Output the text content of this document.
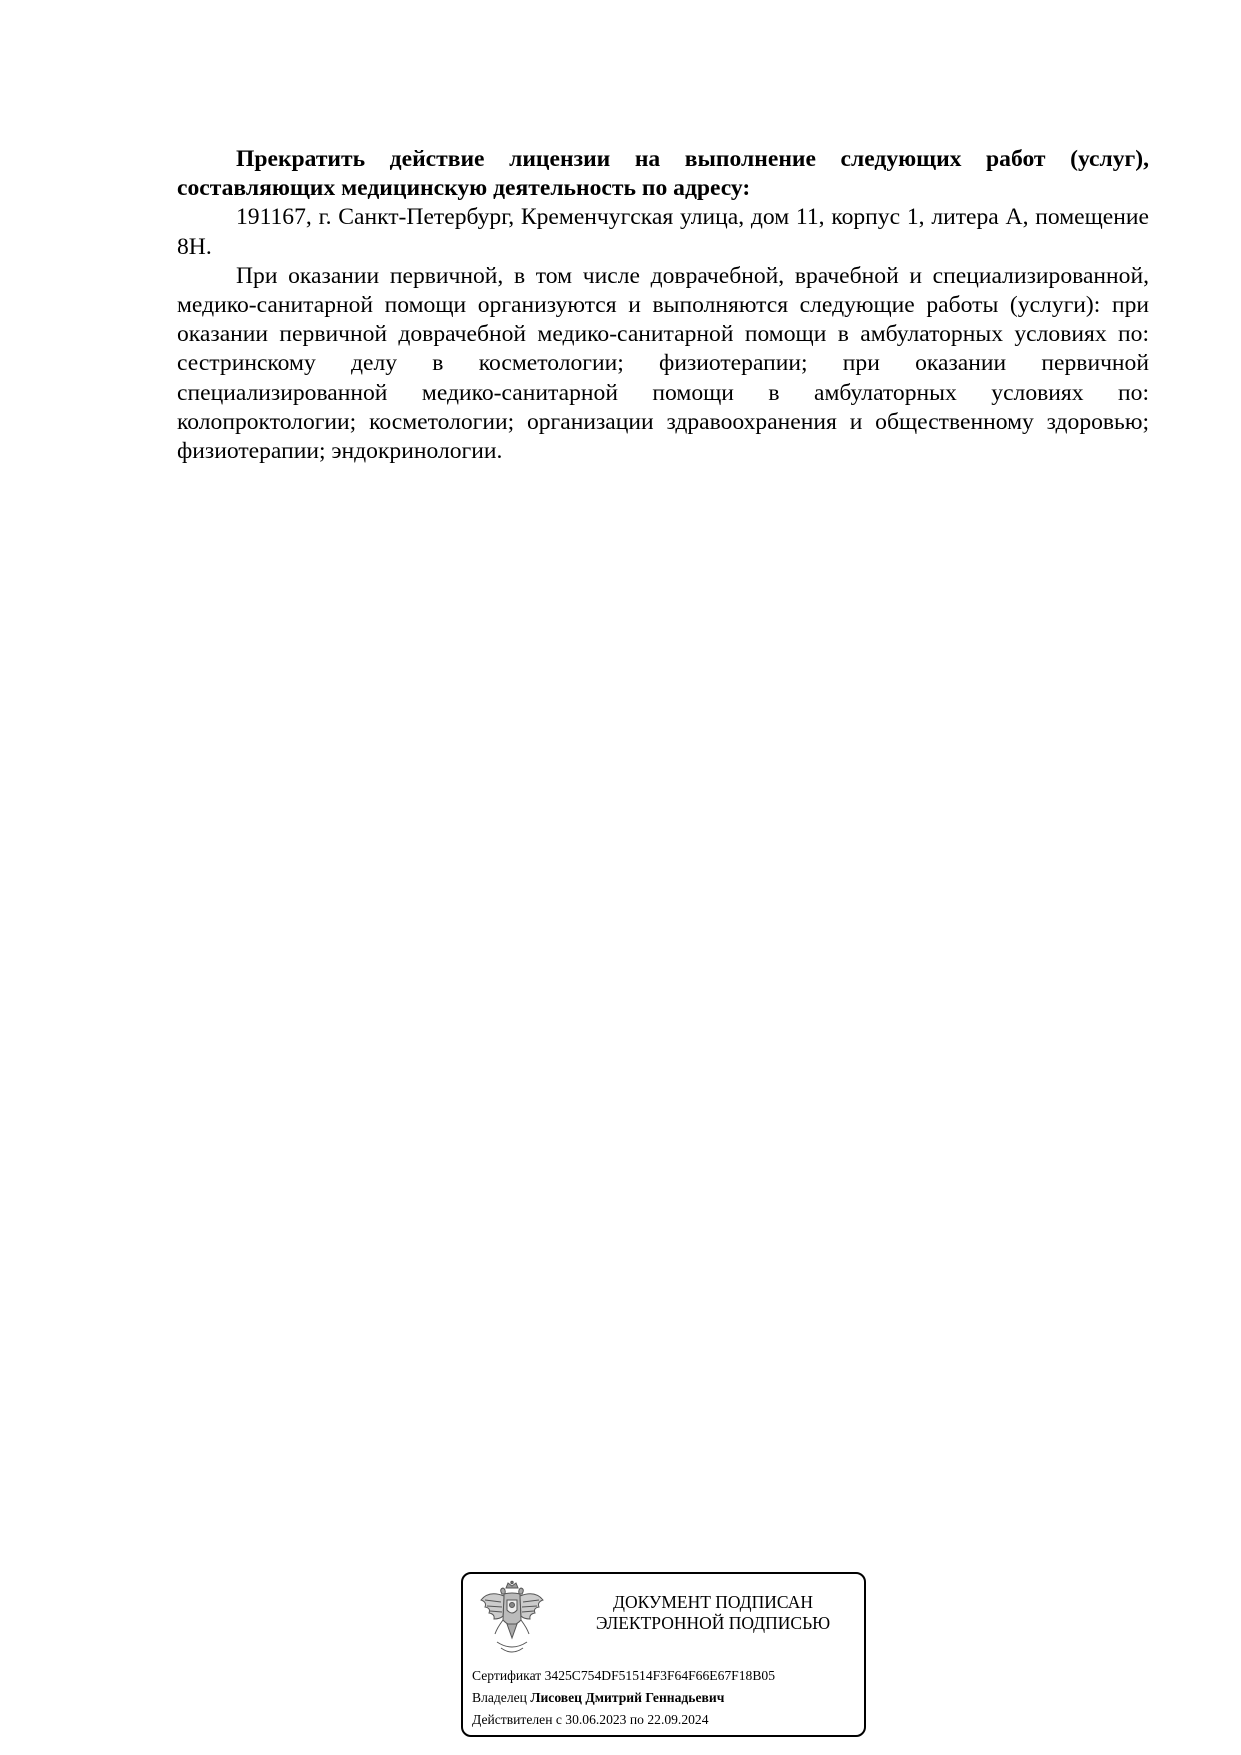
Прекратить действие лицензии на выполнение следующих работ (услуг), составляющих медицинскую деятельность по адресу:

191167, г. Санкт-Петербург, Кременчугская улица, дом 11, корпус 1, литера А, помещение 8Н.

При оказании первичной, в том числе доврачебной, врачебной и специализированной, медико-санитарной помощи организуются и выполняются следующие работы (услуги): при оказании первичной доврачебной медико-санитарной помощи в амбулаторных условиях по: сестринскому делу в косметологии; физиотерапии; при оказании первичной специализированной медико-санитарной помощи в амбулаторных условиях по: колопроктологии; косметологии; организации здравоохранения и общественному здоровью; физиотерапии; эндокринологии.

ДОКУМЕНТ ПОДПИСАН
ЭЛЕКТРОННОЙ ПОДПИСЬЮ
Сертификат 3425C754DF51514F3F64F66E67F18B05
Владелец Лисовец Дмитрий Геннадьевич
Действителен с 30.06.2023 по 22.09.2024
